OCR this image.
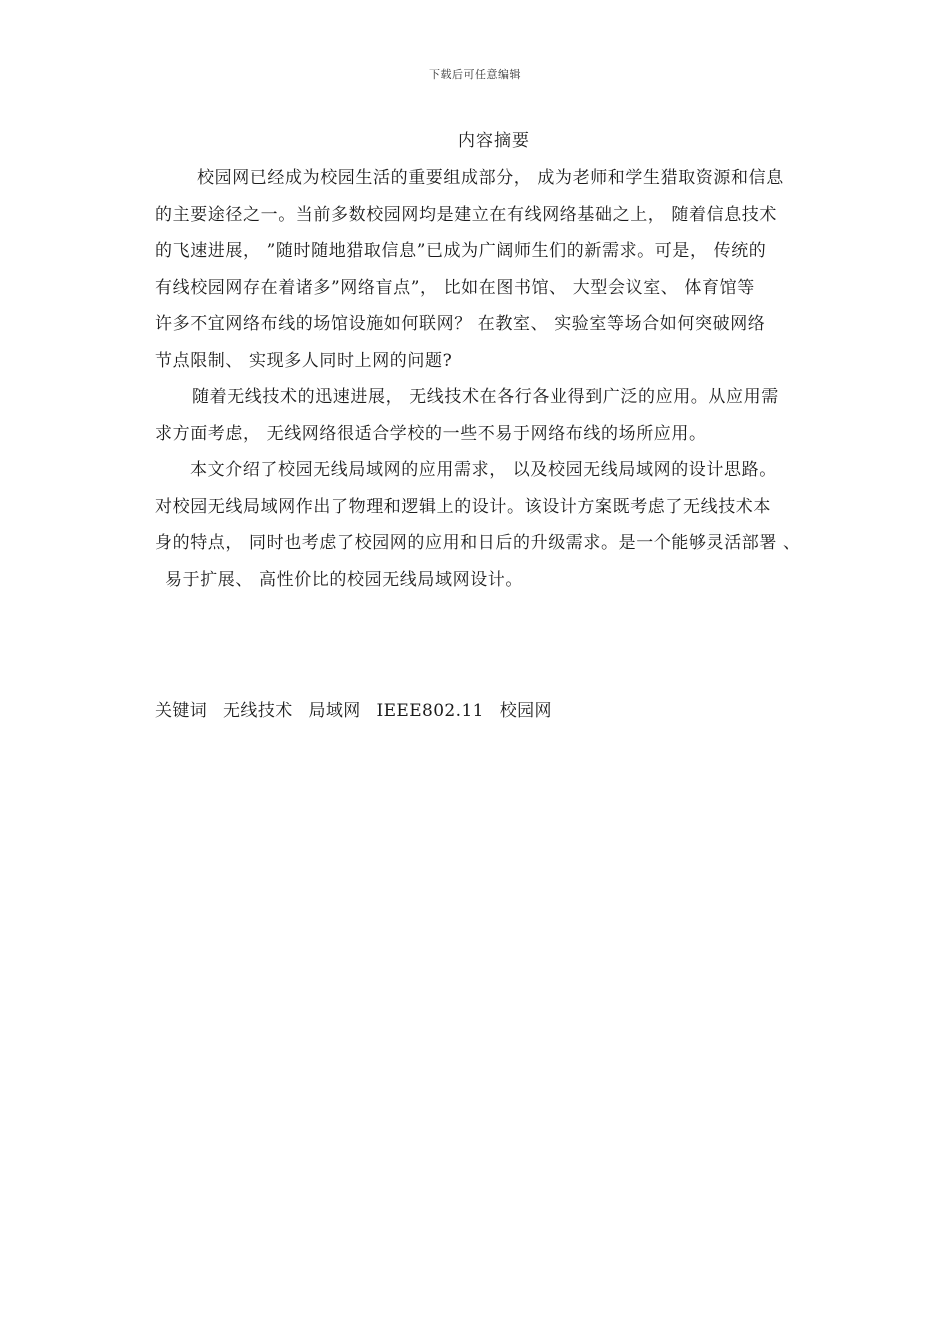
下载后可任意编辑
内容摘要
校园网已经成为校园生活的重要组成部分， 成为老师和学生猎取资源和信息
的主要途径之一。当前多数校园网均是建立在有线网络基础之上， 随着信息技术
的飞速进展， ”随时随地猎取信息”已成为广阔师生们的新需求。可是， 传统的
有线校园网存在着诸多”网络盲点”， 比如在图书馆、 大型会议室、 体育馆等
许多不宜网络布线的场馆设施如何联网？ 在教室、 实验室等场合如何突破网络
节点限制、 实现多人同时上网的问题?
随着无线技术的迅速进展， 无线技术在各行各业得到广泛的应用。从应用需
求方面考虑， 无线网络很适合学校的一些不易于网络布线的场所应用。
本文介绍了校园无线局域网的应用需求， 以及校园无线局域网的设计思路。
对校园无线局域网作出了物理和逻辑上的设计。该设计方案既考虑了无线技术本
身的特点， 同时也考虑了校园网的应用和日后的升级需求。是一个能够灵活部署 、
易于扩展、 高性价比的校园无线局域网设计。
关键词 无线技术 局域网 IEEE802.11 校园网
